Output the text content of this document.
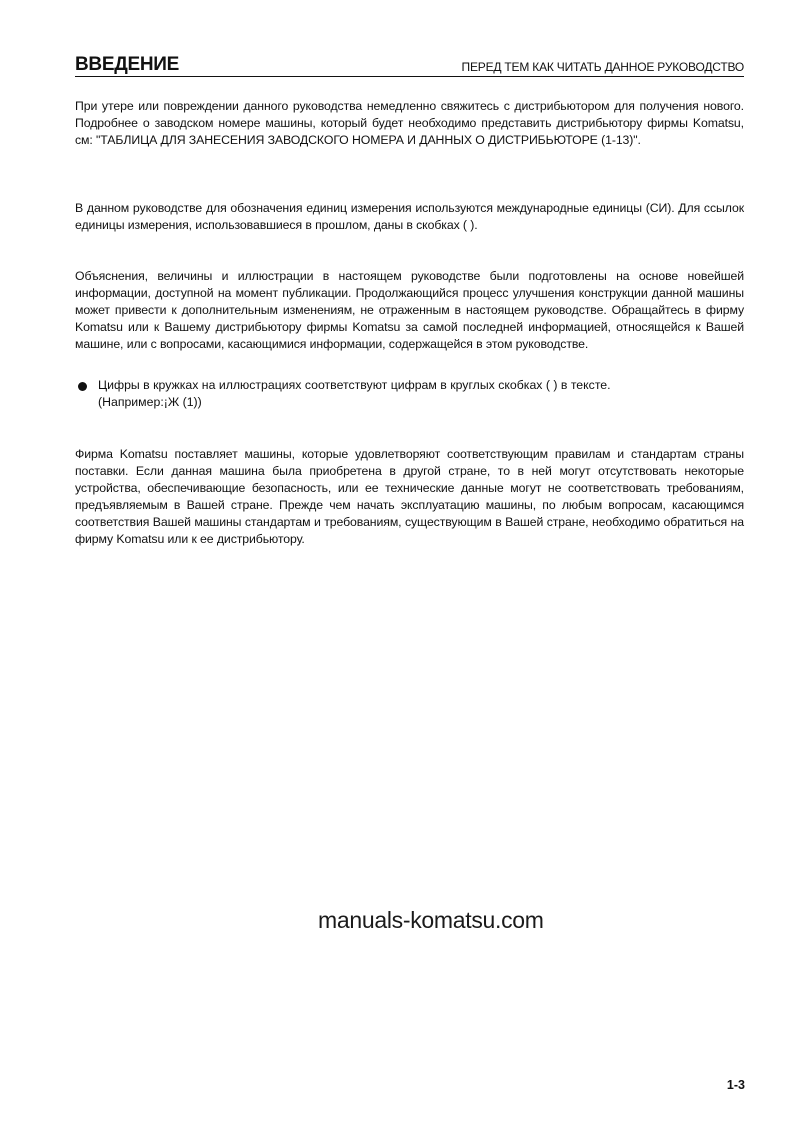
ВВЕДЕНИЕ	ПЕРЕД ТЕМ КАК ЧИТАТЬ ДАННОЕ РУКОВОДСТВО

При утере или повреждении данного руководства немедленно свяжитесь с дистрибьютором для получения нового. Подробнее о заводском номере машины, который будет необходимо представить дистрибьютору фирмы Komatsu, см: "ТАБЛИЦА ДЛЯ ЗАНЕСЕНИЯ ЗАВОДСКОГО НОМЕРА И ДАННЫХ О ДИСТРИБЬЮТОРЕ (1-13)".

В данном руководстве для обозначения единиц измерения используются международные единицы (СИ). Для ссылок единицы измерения, использовавшиеся в прошлом, даны в скобках ( ).

Объяснения, величины и иллюстрации в настоящем руководстве были подготовлены на основе новейшей информации, доступной на момент публикации. Продолжающийся процесс улучшения конструкции данной машины может привести к дополнительным изменениям, не отраженным в настоящем руководстве. Обращайтесь в фирму Komatsu или к Вашему дистрибьютору фирмы Komatsu за самой последней информацией, относящейся к Вашей машине, или с вопросами, касающимися информации, содержащейся в этом руководстве.

Цифры в кружках на иллюстрациях соответствуют цифрам в круглых скобках ( ) в тексте.
(Например:¡Ж (1))

Фирма Komatsu поставляет машины, которые удовлетворяют соответствующим правилам и стандартам страны поставки. Если данная машина была приобретена в другой стране, то в ней могут отсутствовать некоторые устройства, обеспечивающие безопасность, или ее технические данные могут не соответствовать требованиям, предъявляемым в Вашей стране. Прежде чем начать эксплуатацию машины, по любым вопросам, касающимся соответствия Вашей машины стандартам и требованиям, существующим в Вашей стране, необходимо обратиться на фирму Komatsu или к ее дистрибьютору.

manuals-komatsu.com
1-3
